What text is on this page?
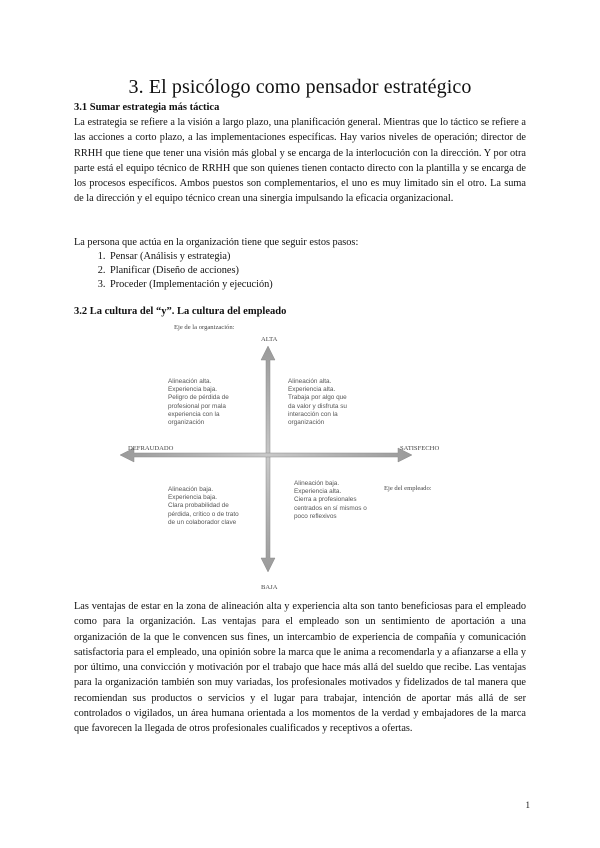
3. El psicólogo como pensador estratégico
3.1 Sumar estrategia más táctica

La estrategia se refiere a la visión a largo plazo, una planificación general. Mientras que lo táctico se refiere a las acciones a corto plazo, a las implementaciones específicas. Hay varios niveles de operación; director de RRHH que tiene que tener una visión más global y se encarga de la interlocución con la dirección. Y por otra parte está el equipo técnico de RRHH que son quienes tienen contacto directo con la plantilla y se encarga de los procesos específicos. Ambos puestos son complementarios, el uno es muy limitado sin el otro. La suma de la dirección y el equipo técnico crean una sinergia impulsando la eficacia organizacional.

La persona que actúa en la organización tiene que seguir estos pasos:

1. Pensar (Análisis y estrategia)
2. Planificar (Diseño de acciones)
3. Proceder (Implementación y ejecución)
3.2 La cultura del “y”. La cultura del empleado
Eje de la organización:
Eje del empleado:
ALTA
BAJA
DEFRAUDADO	SATISFECHO
Alineación alta.
Experiencia baja.
Peligro de pérdida de
profesional por mala
experiencia con la
organización
Alineación alta.
Experiencia alta.
Trabaja por algo que
da valor y disfruta su
interacción con la
organización
Alineación baja.
Experiencia baja.
Clara probabilidad de
pérdida, crítico o de trato
de un colaborador clave
Alineación baja.
Experiencia alta.
Cierra a profesionales
centrados en sí mismos o
poco reflexivos

Las ventajas de estar en la zona de alineación alta y experiencia alta son tanto beneficiosas para el empleado como para la organización. Las ventajas para el empleado son un sentimiento de aportación a una organización de la que le convencen sus fines, un intercambio de experiencia de compañía y comunicación satisfactoria para el empleado, una opinión sobre la marca que le anima a recomendarla y a afianzarse a ella y por último, una convicción y motivación por el trabajo que hace más allá del sueldo que recibe. Las ventajas para la organización también son muy variadas, los profesionales motivados y fidelizados de tal manera que recomiendan sus productos o servicios y el lugar para trabajar, intención de aportar más allá de ser controlados o vigilados, un área humana orientada a los momentos de la verdad y embajadores de la marca que favorecen la llegada de otros profesionales cualificados y receptivos a ofertas.

1
